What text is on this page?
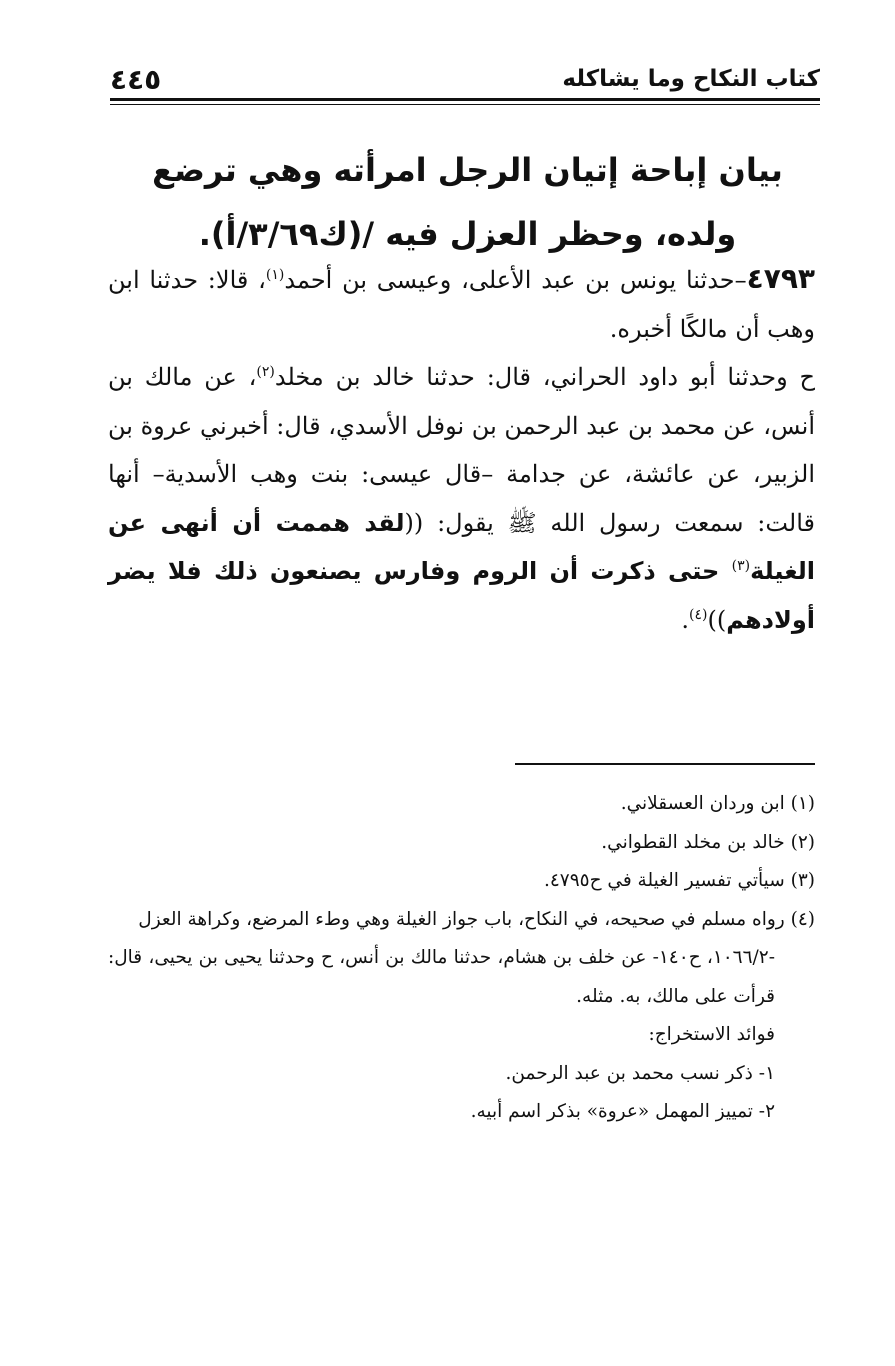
كتاب النكاح وما يشاكله
٤٤٥
بيان إباحة إتيان الرجل امرأته وهي ترضع ولده، وحظر العزل فيه /(ك٣/٦٩/أ).

٤٧٩٣–حدثنا يونس بن عبد الأعلى، وعيسى بن أحمد$^{(١)}$، قالا: حدثنا ابن وهب أن مالكًا أخبره.

ح وحدثنا أبو داود الحراني، قال: حدثنا خالد بن مخلد$^{(٢)}$، عن مالك بن أنس، عن محمد بن عبد الرحمن بن نوفل الأسدي، قال: أخبرني عروة بن الزبير، عن عائشة، عن جدامة –قال عيسى: بنت وهب الأسدية– أنها قالت: سمعت رسول الله ﷺ يقول: ((لقد هممت أن أنهى عن الغيلة$^{(٣)}$ حتى ذكرت أن الروم وفارس يصنعون ذلك فلا يضر أولادهم))$^{(٤)}$.

(١) ابن وردان العسقلاني.

(٢) خالد بن مخلد القطواني.

(٣) سيأتي تفسير الغيلة في ح٤٧٩٥.

(٤) رواه مسلم في صحيحه، في النكاح، باب جواز الغيلة وهي وطء المرضع، وكراهة العزل

-١٠٦٦/٢، ح١٤٠- عن خلف بن هشام، حدثنا مالك بن أنس، ح وحدثنا يحيى بن يحيى، قال: قرأت على مالك، به. مثله.

فوائد الاستخراج:

١- ذكر نسب محمد بن عبد الرحمن.

٢- تمييز المهمل «عروة» بذكر اسم أبيه.
